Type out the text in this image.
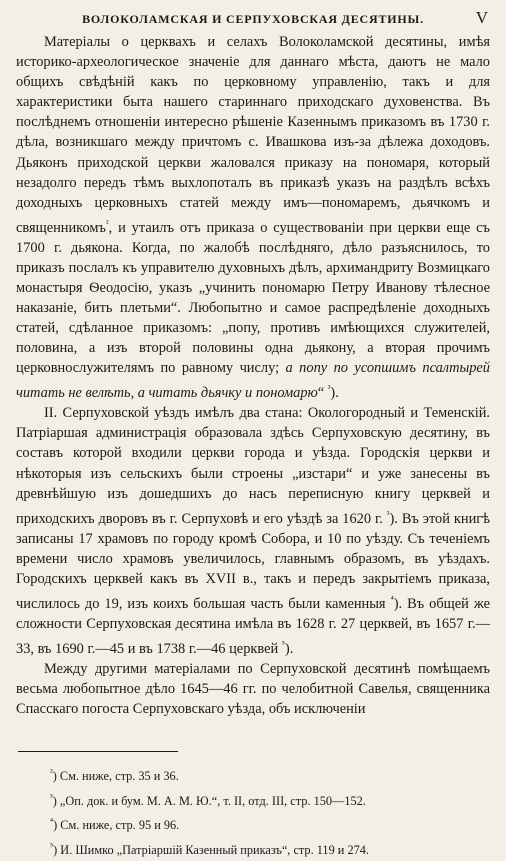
ВОЛОКОЛАМСКАЯ И СЕРПУХОВСКАЯ ДЕСЯТИНЫ.	V

Матеріалы о церквахъ и селахъ Волоколамской десятины, имѣя историко-археологическое значеніе для даннаго мѣста, даютъ не мало общихъ свѣдѣній какъ по церковному управленію, такъ и для характеристики быта нашего стариннаго приходскаго духовенства. Въ послѣднемъ отношеніи интересно рѣшеніе Казеннымъ приказомъ въ 1730 г. дѣла, возникшаго между причтомъ с. Ивашкова изъ-за дѣлежа доходовъ. Дьяконъ приходской церкви жаловался приказу на пономаря, который незадолго передъ тѣмъ выхлопоталъ въ приказѣ указъ на раздѣлъ всѣхъ доходныхъ церковныхъ статей между имъ—пономаремъ, дьячкомъ и священникомъ$^{^2}$, и утаилъ отъ приказа о существованіи при церкви еще съ 1700 г. дьякона. Когда, по жалобѣ послѣдняго, дѣло разъяснилось, то приказъ послалъ къ управителю духовныхъ дѣлъ, архимандриту Возмицкаго монастыря Ѳеодосію, указъ „учинить пономарю Петру Иванову тѣлесное наказаніе, бить плетьми“. Любопытно и самое распредѣленіе доходныхъ статей, сдѣланное приказомъ: „попу, противъ имѣющихся служителей, половина, а изъ второй половины одна дьякону, а вторая прочимъ церковнослужителямъ по равному числу; а попу по усопшимъ псалтырей читать не велѣть, а читать дьячку и пономарю“ $^{^3}$).

II. Серпуховской уѣздъ имѣлъ два стана: Окологородный и Теменскій. Патріаршая администрація образовала здѣсь Серпуховскую десятину, въ составъ которой входили церкви города и уѣзда. Городскія церкви и нѣкоторыя изъ сельскихъ были строены „изстари“ и уже занесены въ древнѣйшую изъ дошедшихъ до насъ переписную книгу церквей и приходскихъ дворовъ въ г. Серпуховѣ и его уѣздѣ за 1620 г. $^{^3}$). Въ этой книгѣ записаны 17 храмовъ по городу кромѣ Собора, и 10 по уѣзду. Съ теченіемъ времени число храмовъ увеличилось, главнымъ образомъ, въ уѣздахъ. Городскихъ церквей какъ въ XVII в., такъ и передъ закрытіемъ приказа, числилось до 19, изъ коихъ большая часть были каменныя $^{^4}$). Въ общей же сложности Серпуховская десятина имѣла въ 1628 г. 27 церквей, въ 1657 г.—33, въ 1690 г.—45 и въ 1738 г.—46 церквей $^{^5}$).

Между другими матеріалами по Серпуховской десятинѣ помѣщаемъ весьма любопытное дѣло 1645—46 гг. по челобитной Савелья, священника Спасскаго погоста Серпуховскаго уѣзда, объ исключеніи

$^{^2}$) См. ниже, стр. 35 и 36.
$^{^3}$) „Оп. док. и бум. М. А. М. Ю.“, т. II, отд. III, стр. 150—152.
$^{^4}$) См. ниже, стр. 95 и 96.
$^{^5}$) И. Шимко „Патріаршій Казенный приказъ“, стр. 119 и 274.
